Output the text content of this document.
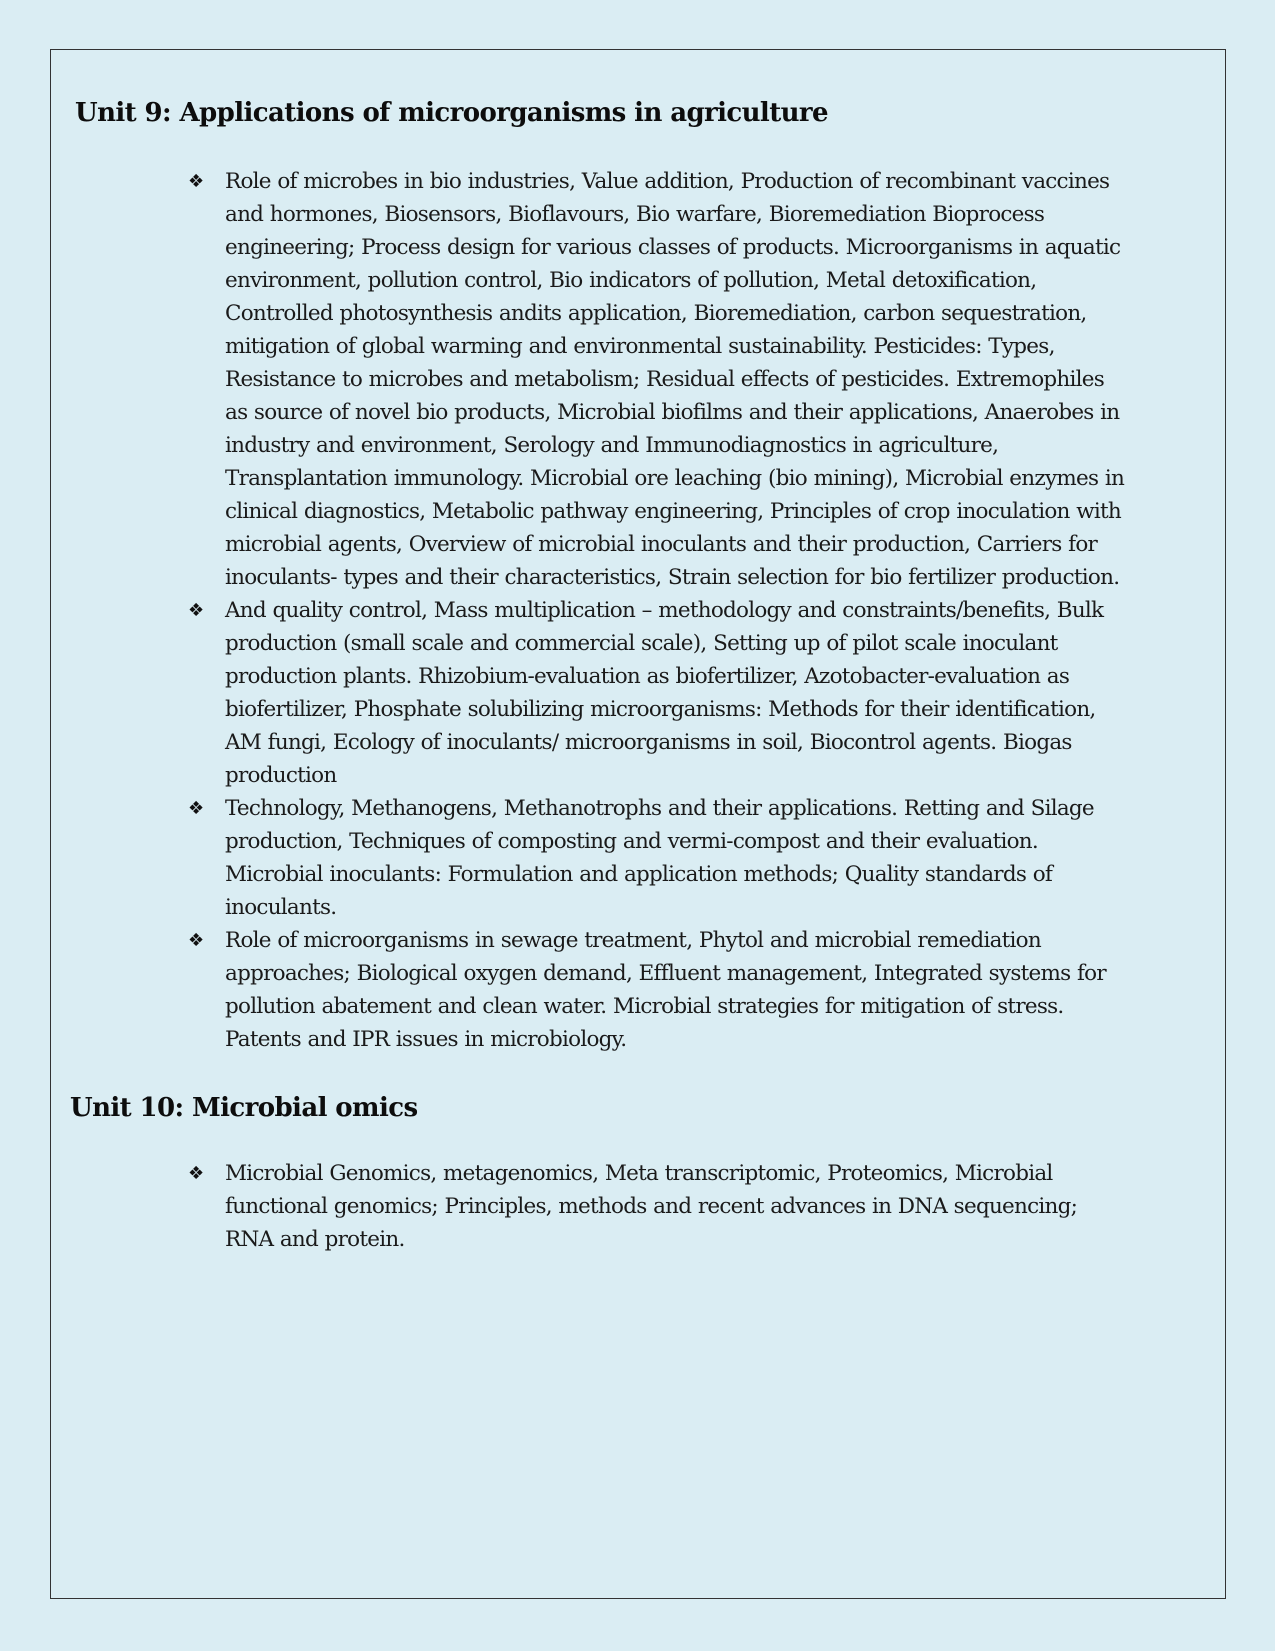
Unit 9: Applications of microorganisms in agriculture
❖ Role of microbes in bio industries, Value addition, Production of recombinant vaccines and hormones, Biosensors, Bioflavours, Bio warfare, Bioremediation Bioprocess engineering; Process design for various classes of products. Microorganisms in aquatic environment, pollution control, Bio indicators of pollution, Metal detoxification, Controlled photosynthesis andits application, Bioremediation, carbon sequestration, mitigation of global warming and environmental sustainability. Pesticides: Types, Resistance to microbes and metabolism; Residual effects of pesticides. Extremophiles as source of novel bio products, Microbial biofilms and their applications, Anaerobes in industry and environment, Serology and Immunodiagnostics in agriculture, Transplantation immunology. Microbial ore leaching (bio mining), Microbial enzymes in clinical diagnostics, Metabolic pathway engineering, Principles of crop inoculation with microbial agents, Overview of microbial inoculants and their production, Carriers for inoculants- types and their characteristics, Strain selection for bio fertilizer production.
❖ And quality control, Mass multiplication – methodology and constraints/benefits, Bulk production (small scale and commercial scale), Setting up of pilot scale inoculant production plants. Rhizobium-evaluation as biofertilizer, Azotobacter-evaluation as biofertilizer, Phosphate solubilizing microorganisms: Methods for their identification, AM fungi, Ecology of inoculants/ microorganisms in soil, Biocontrol agents. Biogas production
❖ Technology, Methanogens, Methanotrophs and their applications. Retting and Silage production, Techniques of composting and vermi-compost and their evaluation. Microbial inoculants: Formulation and application methods; Quality standards of inoculants.
❖ Role of microorganisms in sewage treatment, Phytol and microbial remediation approaches; Biological oxygen demand, Effluent management, Integrated systems for pollution abatement and clean water. Microbial strategies for mitigation of stress. Patents and IPR issues in microbiology.
Unit 10: Microbial omics
❖ Microbial Genomics, metagenomics, Meta transcriptomic, Proteomics, Microbial functional genomics; Principles, methods and recent advances in DNA sequencing; RNA and protein.
